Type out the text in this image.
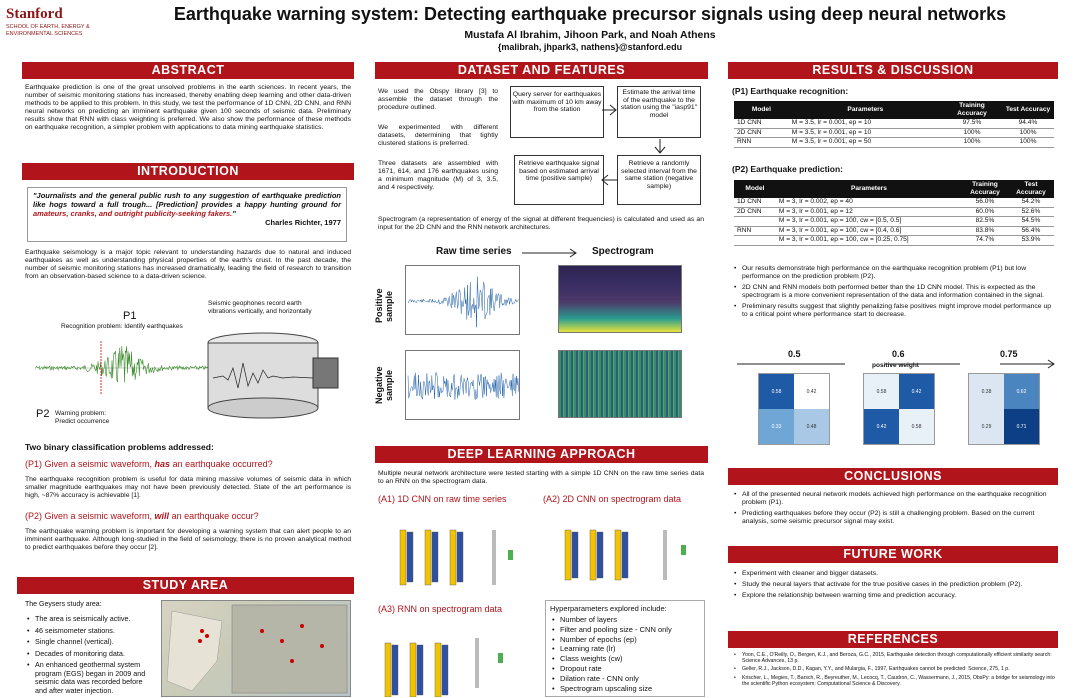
Stanford
SCHOOL OF EARTH, ENERGY & ENVIRONMENTAL SCIENCES
Earthquake warning system: Detecting earthquake precursor signals using deep neural networks
Mustafa Al Ibrahim, Jihoon Park, and Noah Athens
{malibrah, jhpark3, nathens}@stanford.edu
ABSTRACT
Earthquake prediction is one of the great unsolved problems in the earth sciences. In recent years, the number of seismic monitoring stations has increased, thereby enabling deep learning and other data-driven methods to be applied to this problem. In this study, we test the performance of 1D CNN, 2D CNN, and RNN neural networks on predicting an imminent earthquake given 100 seconds of seismic data. Preliminary results show that RNN with class weighting is preferred. We also show the performance of these methods on earthquake recognition, a simpler problem with applications to data mining earthquake statistics.
INTRODUCTION
"Journalists and the general public rush to any suggestion of earthquake prediction like hogs toward a full trough... [Prediction] provides a happy hunting ground for amateurs, cranks, and outright publicity-seeking fakers."
Charles Richter, 1977
Earthquake seismology is a major topic relevant to understanding hazards due to natural and induced earthquakes as well as understanding physical properties of the earth's crust. In the past decade, the number of seismic monitoring stations has increased dramatically, leading the field of research to transition from an observation-based science to a data-driven science.
P1
Recognition problem: Identify earthquakes
Seismic geophones record earth vibrations vertically, and horizontally
P2 Warning problem: Predict occurrence
Two binary classification problems addressed:
(P1) Given a seismic waveform, has an earthquake occurred?
The earthquake recognition problem is useful for data mining massive volumes of seismic data in which smaller magnitude earthquakes may not have been previously detected. State of the art performance is high, ~87% accuracy is achievable [1].
(P2) Given a seismic waveform, will an earthquake occur?
The earthquake warning problem is important for developing a warning system that can alert people to an imminent earthquake. Although long-studied in the field of seismology, there is no proven analytical method to predict earthquakes before they occur [2].
STUDY AREA
The Geysers study area:
• The area is seismically active.
• 46 seismometer stations.
• Single channel (vertical).
• Decades of monitoring data.
• An enhanced geothermal system program (EGS) began in 2009 and seismic data was recorded before and after water injection.
DATASET AND FEATURES
We used the Obspy library [3] to assemble the dataset through the procedure outlined.
We experimented with different datasets, determining that tightly clustered stations is preferred.
Three datasets are assembled with 1671, 614, and 176 earthquakes using a minimum magnitude (M) of 3, 3.5, and 4 respectively.
Query server for earthquakes with maximum of 10 km away from the station
Estimate the arrival time of the earthquake to the station using the "iasp91" model
Retrieve earthquake signal based on estimated arrival time (positive sample)
Retrieve a randomly selected interval from the same station (negative sample)
Spectrogram (a representation of energy of the signal at different frequencies) is calculated and used as an input for the 2D CNN and the RNN network architectures.
Raw time series	Spectrogram
Positive sample
Negative sample
DEEP LEARNING APPROACH
Multiple neural network architecture were tested starting with a simple 1D CNN on the raw time series data to an RNN on the spectrogram data.
(A1) 1D CNN on raw time series	(A2) 2D CNN on spectrogram data
(A3) RNN on spectrogram data	Hyperparameters explored include:
• Number of layers
• Filter and pooling size - CNN only
• Number of epochs (ep)
• Learning rate (lr)
• Class weights (cw)
• Dropout rate
• Dilation rate - CNN only
• Spectrogram upscaling size
RESULTS & DISCUSSION
(P1) Earthquake recognition:
Model	Parameters	Training Accuracy	Test Accuracy
1D CNN	M = 3.5, lr = 0.001, ep = 10	97.5%	94.4%
2D CNN	M = 3.5, lr = 0.001, ep = 10	100%	100%
RNN	M = 3.5, lr = 0.001, ep = 50	100%	100%
(P2) Earthquake prediction:
Model	Parameters	Training Accuracy	Test Accuracy
1D CNN	M = 3, lr = 0.002, ep = 40	56.0%	54.2%
2D CNN	M = 3, lr = 0.001, ep = 12	60.0%	52.6%
	M = 3, lr = 0.001, ep = 100, cw = [0.5, 0.5]	82.5%	54.5%
RNN	M = 3, lr = 0.001, ep = 100, cw = [0.4, 0.6]	83.8%	56.4%
	M = 3, lr = 0.001, ep = 100, cw = [0.25, 0.75]	74.7%	53.9%
• Our results demonstrate high performance on the earthquake recognition problem (P1) but low performance on the prediction problem (P2).
• 2D CNN and RNN models both performed better than the 1D CNN model. This is expected as the spectrogram is a more convenient representation of the data and information contained in the signal.
• Preliminary results suggest that slightly penalizing false positives might improve model performance up to a critical point where performance start to decrease.
0.5	0.6	0.75
positive weight
0.58	0.42
0.33	0.48
0.58	0.42
0.42	0.58
0.38	0.62
0.29	0.71
CONCLUSIONS
• All of the presented neural network models achieved high performance on the earthquake recognition problem (P1).
• Predicting earthquakes before they occur (P2) is still a challenging problem. Based on the current analysis, some seismic precursor signal may exist.
FUTURE WORK
• Experiment with cleaner and bigger datasets.
• Study the neural layers that activate for the true positive cases in the prediction problem (P2).
• Explore the relationship between warning time and prediction accuracy.
REFERENCES
• Yoon, C.E., O'Reilly, O., Bergen, K.J., and Beroza, G.C., 2015, Earthquake detection through computationally efficient similarity search: Science Advances, 13 p.
• Geller, R.J., Jackson, D.D., Kagan, Y.Y., and Mulargia, F., 1997, Earthquakes cannot be predicted: Science, 275, 1 p.
• Krischer, L., Megies, T., Barsch, R., Beyreuther, M., Lecocq, T., Caudron, C., Wassermann, J., 2015, ObsPy: a bridge for seismology into the scientific Python ecosystem: Computational Science & Discovery.
